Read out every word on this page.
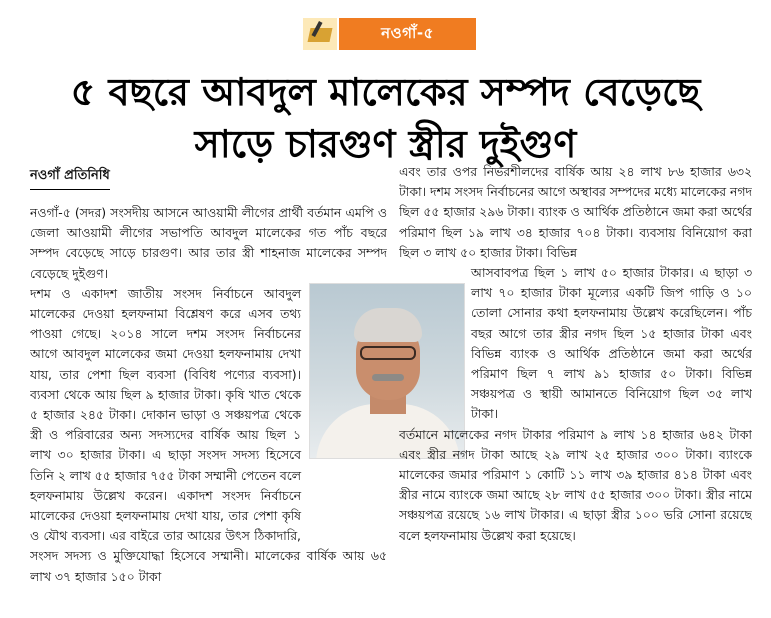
নওগাঁ-৫
৫ বছরে আবদুল মালেকের সম্পদ বেড়েছে
সাড়ে চারগুণ স্ত্রীর দুইগুণ
নওগাঁ প্রতিনিধি

নওগাঁ-৫ (সদর) সংসদীয় আসনে আওয়ামী লীগের প্রার্থী বর্তমান এমপি ও জেলা আওয়ামী লীগের সভাপতি আবদুল মালেকের গত পাঁচ বছরে সম্পদ বেড়েছে সাড়ে চারগুণ। আর তার স্ত্রী শাহনাজ মালেকের সম্পদ বেড়েছে দুইগুণ।

দশম ও একাদশ জাতীয় সংসদ নির্বাচনে আবদুল মালেকের দেওয়া হলফনামা বিশ্লেষণ করে এসব তথ্য পাওয়া গেছে। ২০১৪ সালে দশম সংসদ নির্বাচনের আগে আবদুল মালেকের জমা দেওয়া হলফনামায় দেখা যায়, তার পেশা ছিল ব্যবসা (বিবিধ পণ্যের ব্যবসা)। ব্যবসা থেকে আয় ছিল ৯ হাজার টাকা। কৃষি খাত থেকে ৫ হাজার ২৪৫ টাকা। দোকান ভাড়া ও সঞ্চয়পত্র থেকে স্ত্রী ও পরিবারের অন্য সদস্যদের বার্ষিক আয় ছিল ১ লাখ ৩০ হাজার টাকা। এ ছাড়া সংসদ সদস্য হিসেবে তিনি ২ লাখ ৫৫ হাজার ৭৫৫ টাকা সম্মানী পেতেন বলে হলফনামায় উল্লেখ করেন। একাদশ সংসদ নির্বাচনে মালেকের দেওয়া হলফনামায় দেখা যায়, তার পেশা কৃষি ও যৌথ ব্যবসা। এর বাইরে তার আয়ের উৎস ঠিকাদারি, সংসদ সদস্য ও মুক্তিযোদ্ধা হিসেবে সম্মানী। মালেকের বার্ষিক আয় ৬৫ লাখ ৩৭ হাজার ১৫০ টাকা

এবং তার ওপর নির্ভরশীলদের বার্ষিক আয় ২৪ লাখ ৮৬ হাজার ৬৩২ টাকা। দশম সংসদ নির্বাচনের আগে অস্থাবর সম্পদের মধ্যে মালেকের নগদ ছিল ৫৫ হাজার ২৯৬ টাকা। ব্যাংক ও আর্থিক প্রতিষ্ঠানে জমা করা অর্থের পরিমাণ ছিল ১৯ লাখ ৩৪ হাজার ৭০৪ টাকা। ব্যবসায় বিনিয়োগ করা ছিল ৩ লাখ ৫০ হাজার টাকা। বিভিন্ন

আসবাবপত্র ছিল ১ লাখ ৫০ হাজার টাকার। এ ছাড়া ৩ লাখ ৭০ হাজার টাকা মূল্যের একটি জিপ গাড়ি ও ১০ তোলা সোনার কথা হলফনামায় উল্লেখ করেছিলেন। পাঁচ বছর আগে তার স্ত্রীর নগদ ছিল ১৫ হাজার টাকা এবং বিভিন্ন ব্যাংক ও আর্থিক প্রতিষ্ঠানে জমা করা অর্থের পরিমাণ ছিল ৭ লাখ ৯১ হাজার ৫০ টাকা। বিভিন্ন সঞ্চয়পত্র ও স্থায়ী আমানতে বিনিয়োগ ছিল ৩৫ লাখ টাকা।

বর্তমানে মালেকের নগদ টাকার পরিমাণ ৯ লাখ ১৪ হাজার ৬৪২ টাকা এবং স্ত্রীর নগদ টাকা আছে ২৯ লাখ ২৫ হাজার ৩০০ টাকা। ব্যাংকে মালেকের জমার পরিমাণ ১ কোটি ১১ লাখ ৩৯ হাজার ৪১৪ টাকা এবং স্ত্রীর নামে ব্যাংকে জমা আছে ২৮ লাখ ৫৫ হাজার ৩০০ টাকা। স্ত্রীর নামে সঞ্চয়পত্র রয়েছে ১৬ লাখ টাকার। এ ছাড়া স্ত্রীর ১০০ ভরি সোনা রয়েছে বলে হলফনামায় উল্লেখ করা হয়েছে।
